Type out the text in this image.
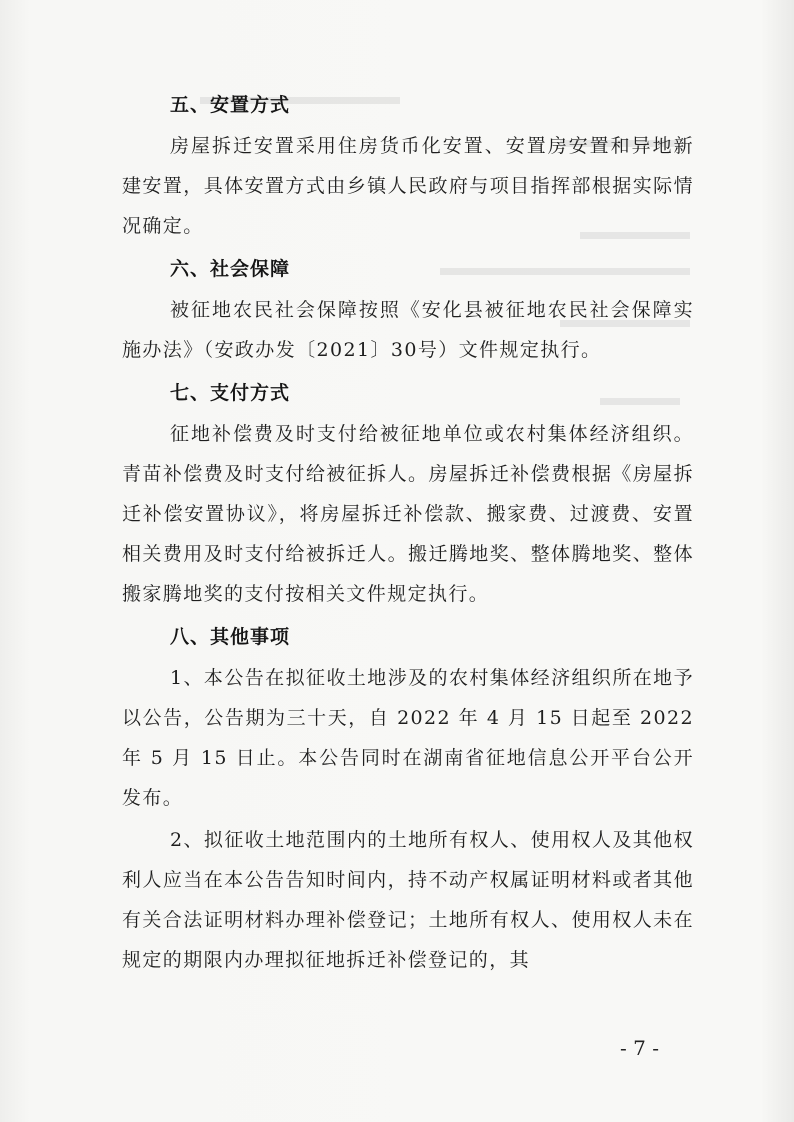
五、安置方式

房屋拆迁安置采用住房货币化安置、安置房安置和异地新建安置，具体安置方式由乡镇人民政府与项目指挥部根据实际情况确定。

六、社会保障

被征地农民社会保障按照《安化县被征地农民社会保障实施办法》（安政办发〔2021〕30号）文件规定执行。

七、支付方式

征地补偿费及时支付给被征地单位或农村集体经济组织。青苗补偿费及时支付给被征拆人。房屋拆迁补偿费根据《房屋拆迁补偿安置协议》，将房屋拆迁补偿款、搬家费、过渡费、安置相关费用及时支付给被拆迁人。搬迁腾地奖、整体腾地奖、整体搬家腾地奖的支付按相关文件规定执行。

八、其他事项

1、本公告在拟征收土地涉及的农村集体经济组织所在地予以公告，公告期为三十天，自 2022 年 4 月 15 日起至 2022 年 5 月 15 日止。本公告同时在湖南省征地信息公开平台公开发布。

2、拟征收土地范围内的土地所有权人、使用权人及其他权利人应当在本公告告知时间内，持不动产权属证明材料或者其他有关合法证明材料办理补偿登记；土地所有权人、使用权人未在规定的期限内办理拟征地拆迁补偿登记的，其

- 7 -
